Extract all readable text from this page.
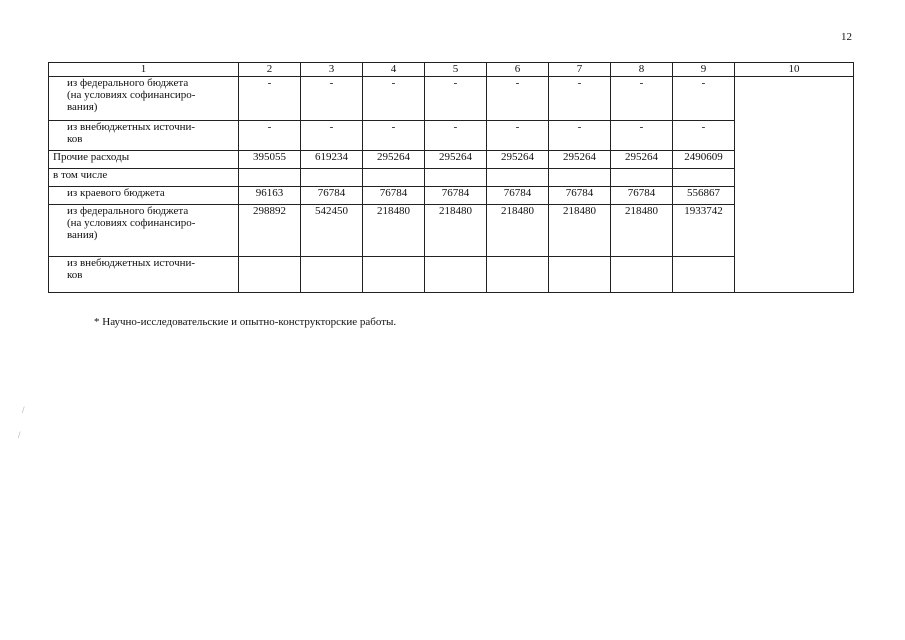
12
1	2	3	4	5	6	7	8	9	10
из федерального бюджета
(на условиях софинансиро-
вания)	-	-	-	-	-	-	-	-	
из внебюджетных источни-
ков	-	-	-	-	-	-	-	-	
Прочие расходы	395055	619234	295264	295264	295264	295264	295264	2490609	
в том числе									
из краевого бюджета	96163	76784	76784	76784	76784	76784	76784	556867	
из федерального бюджета
(на условиях софинансиро-
вания)	298892	542450	218480	218480	218480	218480	218480	1933742	
из внебюджетных источни-
ков									
* Научно-исследовательские и опытно-конструкторские работы.
/
/
